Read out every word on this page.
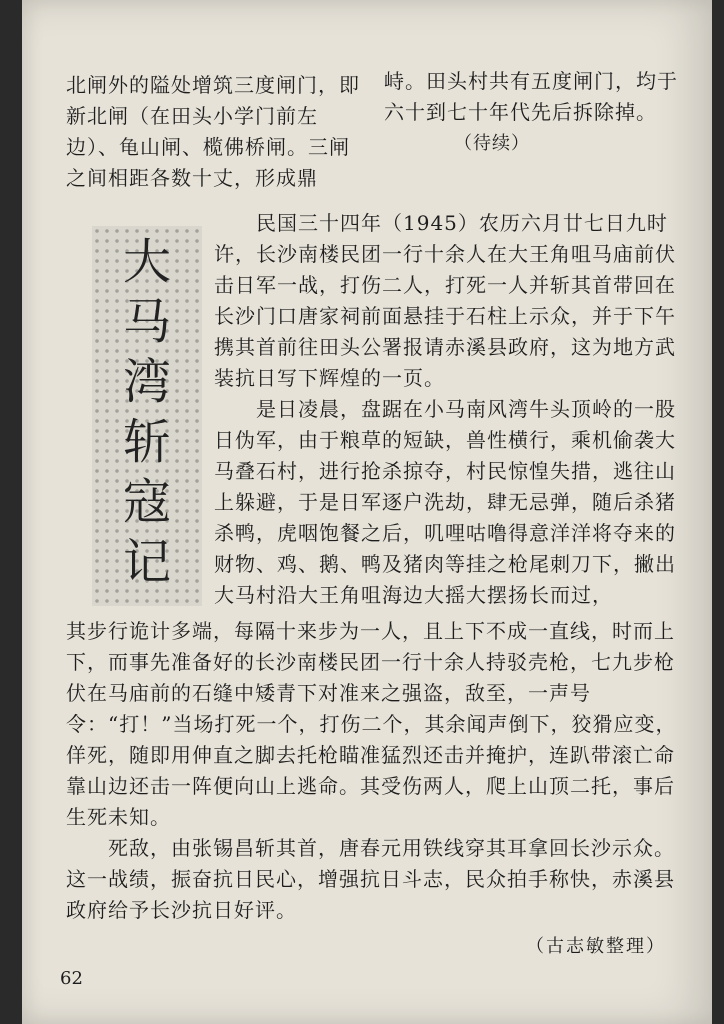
北闸外的隘处增筑三度闸门，即新北闸（在田头小学门前左边）、龟山闸、榄佛桥闸。三闸之间相距各数十丈，形成鼎
峙。田头村共有五度闸门，均于六十到七十年代先后拆除掉。
（待续）
大
马
湾
斩
寇
记

民国三十四年（1945）农历六月廿七日九时许，长沙南楼民团一行十余人在大王角咀马庙前伏击日军一战，打伤二人，打死一人并斩其首带回在长沙门口唐家祠前面悬挂于石柱上示众，并于下午携其首前往田头公署报请赤溪县政府，这为地方武装抗日写下辉煌的一页。

是日凌晨，盘踞在小马南风湾牛头顶岭的一股日伪军，由于粮草的短缺，兽性横行，乘机偷袭大马叠石村，进行抢杀掠夺，村民惊惶失措，逃往山上躲避，于是日军逐户洗劫，肆无忌弹，随后杀猪杀鸭，虎咽饱餐之后，叽哩咕噜得意洋洋将夺来的财物、鸡、鹅、鸭及猪肉等挂之枪尾刺刀下，撇出大马村沿大王角咀海边大摇大摆扬长而过，

其步行诡计多端，每隔十来步为一人，且上下不成一直线，时而上下，而事先准备好的长沙南楼民团一行十余人持驳壳枪，七九步枪伏在马庙前的石缝中矮青下对准来之强盗，敌至，一声号令：“打！”当场打死一个，打伤二个，其余闻声倒下，狡猾应变，佯死，随即用伸直之脚去托枪瞄准猛烈还击并掩护，连趴带滚亡命靠山边还击一阵便向山上逃命。其受伤两人，爬上山顶二托，事后生死未知。

死敌，由张锡昌斩其首，唐春元用铁线穿其耳拿回长沙示众。这一战绩，振奋抗日民心，增强抗日斗志，民众拍手称快，赤溪县政府给予长沙抗日好评。

（古志敏整理）
62
